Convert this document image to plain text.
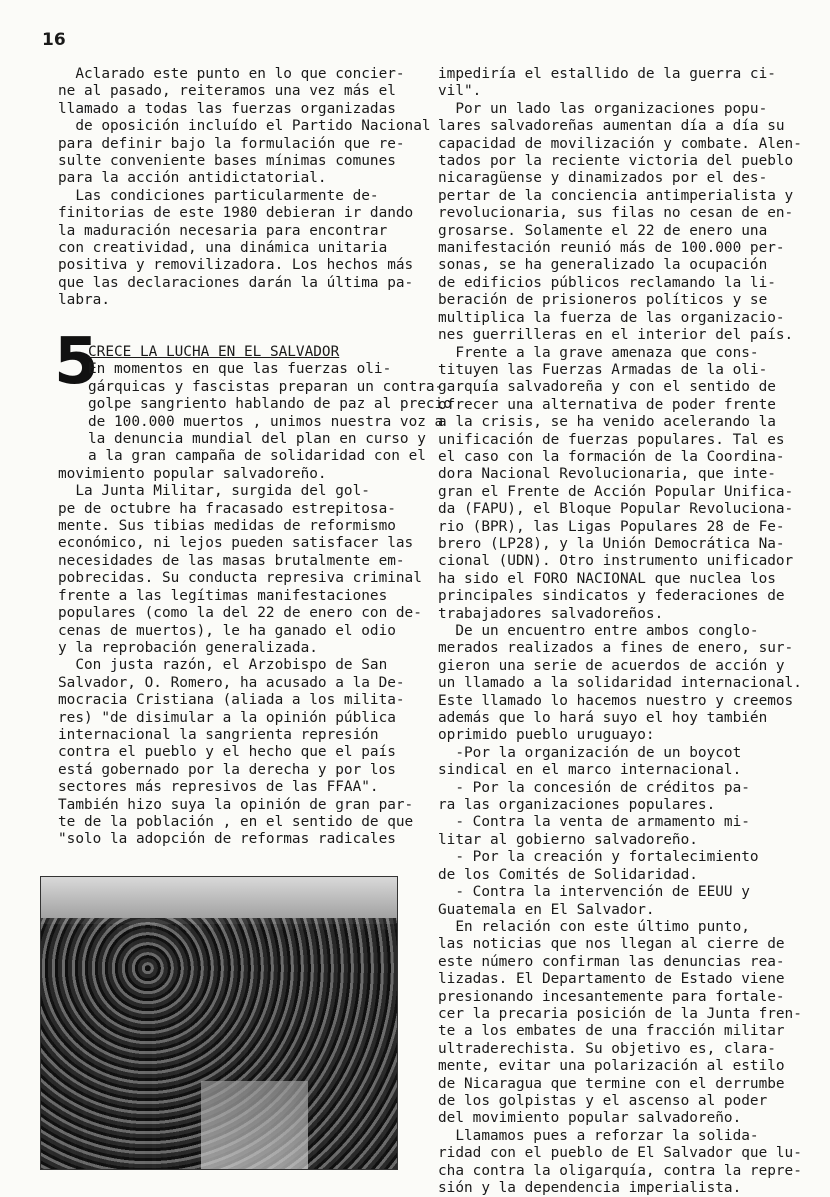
16

Aclarado este punto en lo que concier-

ne al pasado, reiteramos una vez más el

llamado a todas las fuerzas organizadas

de oposición incluído el Partido Nacional

para definir bajo la formulación que re-

sulte conveniente bases mínimas comunes

para la acción antidictatorial.

Las condiciones particularmente de-

finitorias de este 1980 debieran ir dando

la maduración necesaria para encontrar

con creatividad, una dinámica unitaria

positiva y removilizadora. Los hechos más

que las declaraciones darán la última pa-

labra.

5

CRECE LA LUCHA EN EL SALVADOR

En momentos en que las fuerzas oli-

gárquicas y fascistas preparan un contra-

golpe sangriento hablando de paz al precio

de 100.000 muertos , unimos nuestra voz a

la denuncia mundial del plan en curso y

a la gran campaña de solidaridad con el

movimiento popular salvadoreño.

La Junta Militar, surgida del gol-

pe de octubre ha fracasado estrepitosa-

mente. Sus tibias medidas de reformismo

económico, ni lejos pueden satisfacer las

necesidades de las masas brutalmente em-

pobrecidas. Su conducta represiva criminal

frente a las legítimas manifestaciones

populares (como la del 22 de enero con de-

cenas de muertos), le ha ganado el odio

y la reprobación generalizada.

Con justa razón, el Arzobispo de San

Salvador, O. Romero, ha acusado a la De-

mocracia Cristiana (aliada a los milita-

res) "de disimular a la opinión pública

internacional la sangrienta represión

contra el pueblo y el hecho que el país

está gobernado por la derecha y por los

sectores más represivos de las FFAA".

También hizo suya la opinión de gran par-

te de la población , en el sentido de que

"solo la adopción de reformas radicales

impediría el estallido de la guerra ci-

vil".

Por un lado las organizaciones popu-

lares salvadoreñas aumentan día a día su

capacidad de movilización y combate. Alen-

tados por la reciente victoria del pueblo

nicaragüense y dinamizados por el des-

pertar de la conciencia antimperialista y

revolucionaria, sus filas no cesan de en-

grosarse. Solamente el 22 de enero una

manifestación reunió más de 100.000 per-

sonas, se ha generalizado la ocupación

de edificios públicos reclamando la li-

beración de prisioneros políticos y se

multiplica la fuerza de las organizacio-

nes guerrilleras en el interior del país.

Frente a la grave amenaza que cons-

tituyen las Fuerzas Armadas de la oli-

garquía salvadoreña y con el sentido de

ofrecer una alternativa de poder frente

a la crisis, se ha venido acelerando la

unificación de fuerzas populares. Tal es

el caso con la formación de la Coordina-

dora Nacional Revolucionaria, que inte-

gran el Frente de Acción Popular Unifica-

da (FAPU), el Bloque Popular Revoluciona-

rio (BPR), las Ligas Populares 28 de Fe-

brero (LP28), y la Unión Democrática Na-

cional (UDN). Otro instrumento unificador

ha sido el FORO NACIONAL que nuclea los

principales sindicatos y federaciones de

trabajadores salvadoreños.

De un encuentro entre ambos conglo-

merados realizados a fines de enero, sur-

gieron una serie de acuerdos de acción y

un llamado a la solidaridad internacional.

Este llamado lo hacemos nuestro y creemos

además que lo hará suyo el hoy también

oprimido pueblo uruguayo:

-Por la organización de un boycot

sindical en el marco internacional.

- Por la concesión de créditos pa-

ra las organizaciones populares.

- Contra la venta de armamento mi-

litar al gobierno salvadoreño.

- Por la creación y fortalecimiento

de los Comités de Solidaridad.

- Contra la intervención de EEUU y

Guatemala en El Salvador.

En relación con este último punto,

las noticias que nos llegan al cierre de

este número confirman las denuncias rea-

lizadas. El Departamento de Estado viene

presionando incesantemente para fortale-

cer la precaria posición de la Junta fren-

te a los embates de una fracción militar

ultraderechista. Su objetivo es, clara-

mente, evitar una polarización al estilo

de Nicaragua que termine con el derrumbe

de los golpistas y el ascenso al poder

del movimiento popular salvadoreño.

Llamamos pues a reforzar la solida-

ridad con el pueblo de El Salvador que lu-

cha contra la oligarquía, contra la repre-

sión y la dependencia imperialista.
